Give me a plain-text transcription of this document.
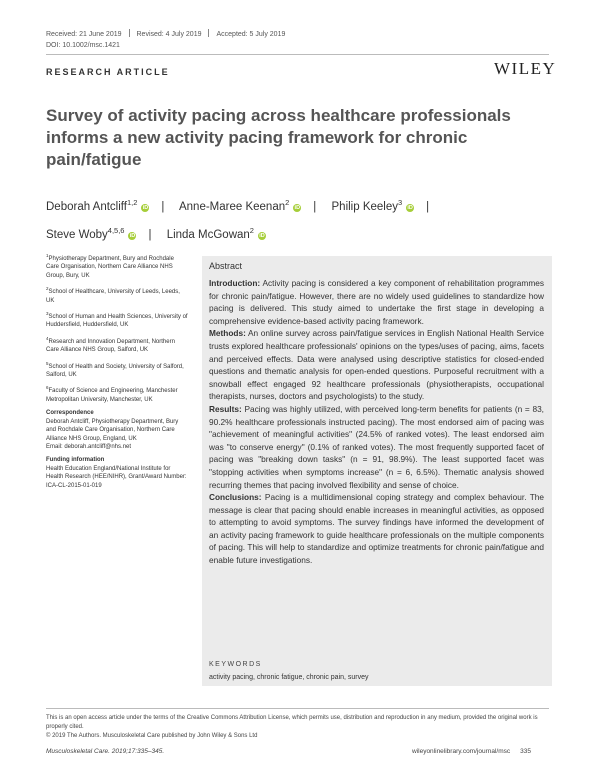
Received: 21 June 2019 Revised: 4 July 2019 Accepted: 5 July 2019
DOI: 10.1002/msc.1421
RESEARCH ARTICLE	WILEY
Survey of activity pacing across healthcare professionals informs a new activity pacing framework for chronic pain/fatigue
Deborah Antcliff$^{1,2}$iD | Anne-Maree Keenan$^2$iD | Philip Keeley$^3$iD |
Steve Woby$^{4,5,6}$iD | Linda McGowan$^2$iD

$^1$Physiotherapy Department, Bury and Rochdale Care Organisation, Northern Care Alliance NHS Group, Bury, UK

$^2$School of Healthcare, University of Leeds, Leeds, UK

$^3$School of Human and Health Sciences, University of Huddersfield, Huddersfield, UK

$^4$Research and Innovation Department, Northern Care Alliance NHS Group, Salford, UK

$^5$School of Health and Society, University of Salford, Salford, UK

$^6$Faculty of Science and Engineering, Manchester Metropolitan University, Manchester, UK

Correspondence

Deborah Antcliff, Physiotherapy Department, Bury and Rochdale Care Organisation, Northern Care Alliance NHS Group, England, UK

Email: deborah.antcliff@nhs.net

Funding information

Health Education England/National Institute for Health Research (HEE/NIHR), Grant/Award Number: ICA-CL-2015-01-019

Abstract

Introduction: Activity pacing is considered a key component of rehabilitation programmes for chronic pain/fatigue. However, there are no widely used guidelines to standardize how pacing is delivered. This study aimed to undertake the first stage in developing a comprehensive evidence-based activity pacing framework.

Methods: An online survey across pain/fatigue services in English National Health Service trusts explored healthcare professionals' opinions on the types/uses of pacing, aims, facets and perceived effects. Data were analysed using descriptive statistics for closed-ended questions and thematic analysis for open-ended questions. Purposeful recruitment with a snowball effect engaged 92 healthcare professionals (physiotherapists, occupational therapists, nurses, doctors and psychologists) to the study.

Results: Pacing was highly utilized, with perceived long-term benefits for patients (n = 83, 90.2% healthcare professionals instructed pacing). The most endorsed aim of pacing was "achievement of meaningful activities" (24.5% of ranked votes). The least endorsed aim was "to conserve energy" (0.1% of ranked votes). The most frequently supported facet of pacing was "breaking down tasks" (n = 91, 98.9%). The least supported facet was "stopping activities when symptoms increase" (n = 6, 6.5%). Thematic analysis showed recurring themes that pacing involved flexibility and sense of choice.

Conclusions: Pacing is a multidimensional coping strategy and complex behaviour. The message is clear that pacing should enable increases in meaningful activities, as opposed to attempting to avoid symptoms. The survey findings have informed the development of an activity pacing framework to guide healthcare professionals on the multiple components of pacing. This will help to standardize and optimize treatments for chronic pain/fatigue and enable future investigations.

KEYWORDS
activity pacing, chronic fatigue, chronic pain, survey
This is an open access article under the terms of the Creative Commons Attribution License, which permits use, distribution and reproduction in any medium, provided the original work is properly cited.
© 2019 The Authors. Musculoskeletal Care published by John Wiley & Sons Ltd
Musculoskeletal Care. 2019;17:335–345.	wileyonlinelibrary.com/journal/msc 335
